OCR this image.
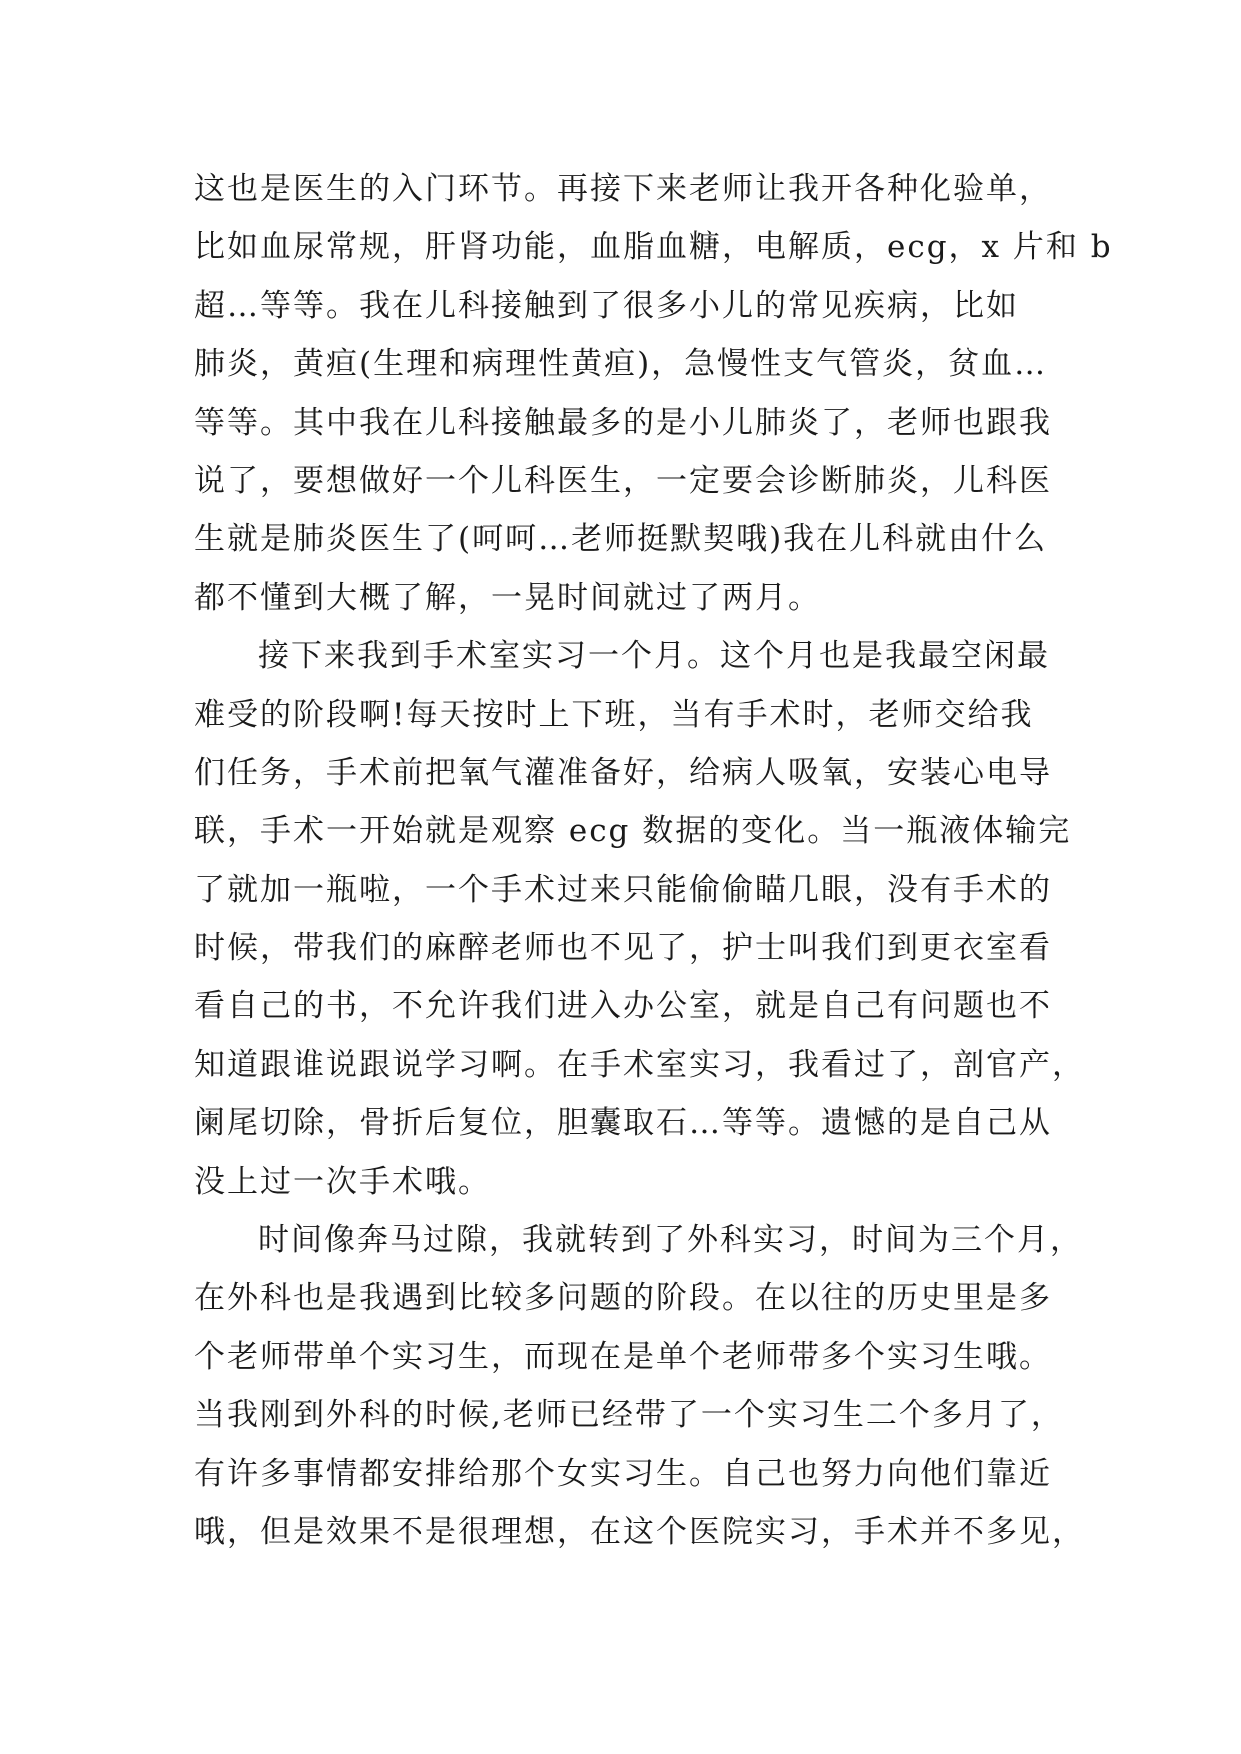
这也是医生的入门环节。再接下来老师让我开各种化验单，
比如血尿常规，肝肾功能，血脂血糖，电解质，ecg，x 片和 b
超…等等。我在儿科接触到了很多小儿的常见疾病，比如
肺炎，黄疸(生理和病理性黄疸)，急慢性支气管炎，贫血…
等等。其中我在儿科接触最多的是小儿肺炎了，老师也跟我
说了，要想做好一个儿科医生，一定要会诊断肺炎，儿科医
生就是肺炎医生了(呵呵…老师挺默契哦)我在儿科就由什么
都不懂到大概了解，一晃时间就过了两月。
接下来我到手术室实习一个月。这个月也是我最空闲最
难受的阶段啊!每天按时上下班，当有手术时，老师交给我
们任务，手术前把氧气灌准备好，给病人吸氧，安装心电导
联，手术一开始就是观察 ecg 数据的变化。当一瓶液体输完
了就加一瓶啦，一个手术过来只能偷偷瞄几眼，没有手术的
时候，带我们的麻醉老师也不见了，护士叫我们到更衣室看
看自己的书，不允许我们进入办公室，就是自己有问题也不
知道跟谁说跟说学习啊。在手术室实习，我看过了，剖官产，
阑尾切除，骨折后复位，胆囊取石…等等。遗憾的是自己从
没上过一次手术哦。
时间像奔马过隙，我就转到了外科实习，时间为三个月，
在外科也是我遇到比较多问题的阶段。在以往的历史里是多
个老师带单个实习生，而现在是单个老师带多个实习生哦。
当我刚到外科的时候,老师已经带了一个实习生二个多月了，
有许多事情都安排给那个女实习生。自己也努力向他们靠近
哦，但是效果不是很理想，在这个医院实习，手术并不多见，
